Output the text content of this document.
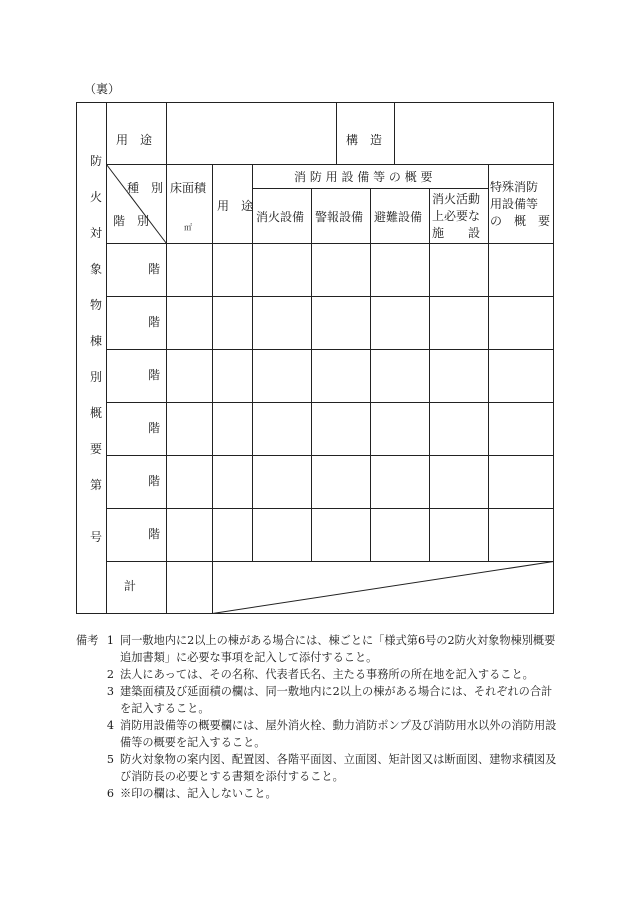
（裏）
防
火
対
象
物
棟
別
概
要
第
号
用　途	構　造
種　別
階　別
床面積
㎡
用　途
消 防 用 設 備 等 の 概 要
消火設備 警報設備 避難設備
消火活動
上必要な
施　　設
特殊消防
用設備等
の　概　要
階
階
階
階
階
階
計
備考 1 同一敷地内に2以上の棟がある場合には、棟ごとに「様式第6号の2防火対象物棟別概要追加書類」に必要な事項を記入して添付すること。
2 法人にあっては、その名称、代表者氏名、主たる事務所の所在地を記入すること。
3 建築面積及び延面積の欄は、同一敷地内に2以上の棟がある場合には、それぞれの合計を記入すること。
4 消防用設備等の概要欄には、屋外消火栓、動力消防ポンプ及び消防用水以外の消防用設備等の概要を記入すること。
5 防火対象物の案内図、配置図、各階平面図、立面図、矩計図又は断面図、建物求積図及び消防長の必要とする書類を添付すること。
6 ※印の欄は、記入しないこと。
